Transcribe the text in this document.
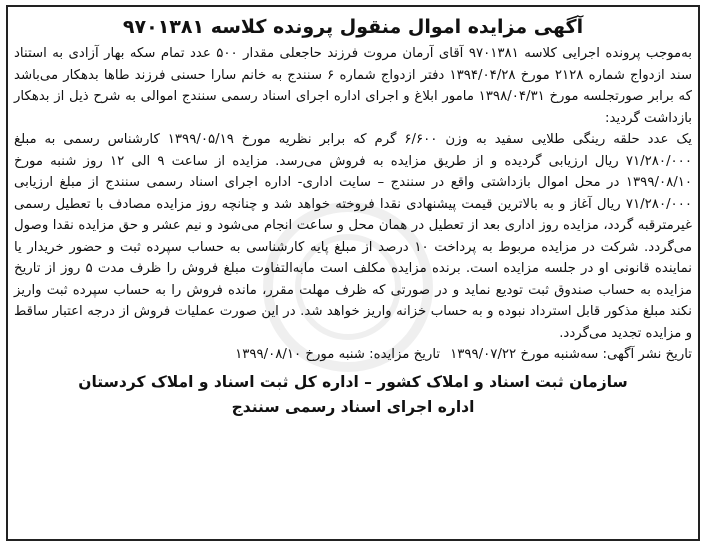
آگهی مزایده اموال منقول پرونده کلاسه ۹۷۰۱۳۸۱

به‌موجب پرونده اجرایی کلاسه ۹۷۰۱۳۸۱ آقای آرمان مروت فرزند حاجعلی مقدار ۵۰۰ عدد تمام سکه بهار آزادی به استناد سند ازدواج شماره ۲۱۲۸ مورخ ۱۳۹۴/۰۴/۲۸ دفتر ازدواج شماره ۶ سنندج به خانم سارا حسنی فرزند طاها بدهکار می‌باشد که برابر صورتجلسه مورخ ۱۳۹۸/۰۴/۳۱ مامور ابلاغ و اجرای اداره اجرای اسناد رسمی سنندج اموالی به شرح ذیل از بدهکار بازداشت گردید:

یک عدد حلقه رینگی طلایی سفید به وزن ۶/۶۰۰ گرم که برابر نظریه مورخ ۱۳۹۹/۰۵/۱۹ کارشناس رسمی به مبلغ ۷۱/۲۸۰/۰۰۰ ریال ارزیابی گردیده و از طریق مزایده به فروش می‌رسد. مزایده از ساعت ۹ الی ۱۲ روز شنبه مورخ ۱۳۹۹/۰۸/۱۰ در محل اموال بازداشتی واقع در سنندج – سایت اداری- اداره اجرای اسناد رسمی سنندج از مبلغ ارزیابی ۷۱/۲۸۰/۰۰۰ ریال آغاز و به بالاترین قیمت پیشنهادی نقدا فروخته خواهد شد و چنانچه روز مزایده مصادف با تعطیل رسمی غیرمترقبه گردد، مزایده روز اداری بعد از تعطیل در همان محل و ساعت انجام می‌شود و نیم عشر و حق مزایده نقدا وصول می‌گردد. شرکت در مزایده مربوط به پرداخت ۱۰ درصد از مبلغ پایه کارشناسی به حساب سپرده ثبت و حضور خریدار یا نماینده قانونی او در جلسه مزایده است. برنده مزایده مکلف است مابه‌التفاوت مبلغ فروش را ظرف مدت ۵ روز از تاریخ مزایده به حساب صندوق ثبت تودیع نماید و در صورتی که ظرف مهلت مقرر، مانده فروش را به حساب سپرده ثبت واریز نکند مبلغ مذکور قابل استرداد نبوده و به حساب خزانه واریز خواهد شد. در این صورت عملیات فروش از درجه اعتبار ساقط و مزایده تجدید می‌گردد.

تاریخ نشر آگهی: سه‌شنبه مورخ ۱۳۹۹/۰۷/۲۲تاریخ مزایده: شنبه مورخ ۱۳۹۹/۰۸/۱۰
سازمان ثبت اسناد و املاک کشور – اداره کل ثبت اسناد و املاک کردستان
اداره اجرای اسناد رسمی سنندج
